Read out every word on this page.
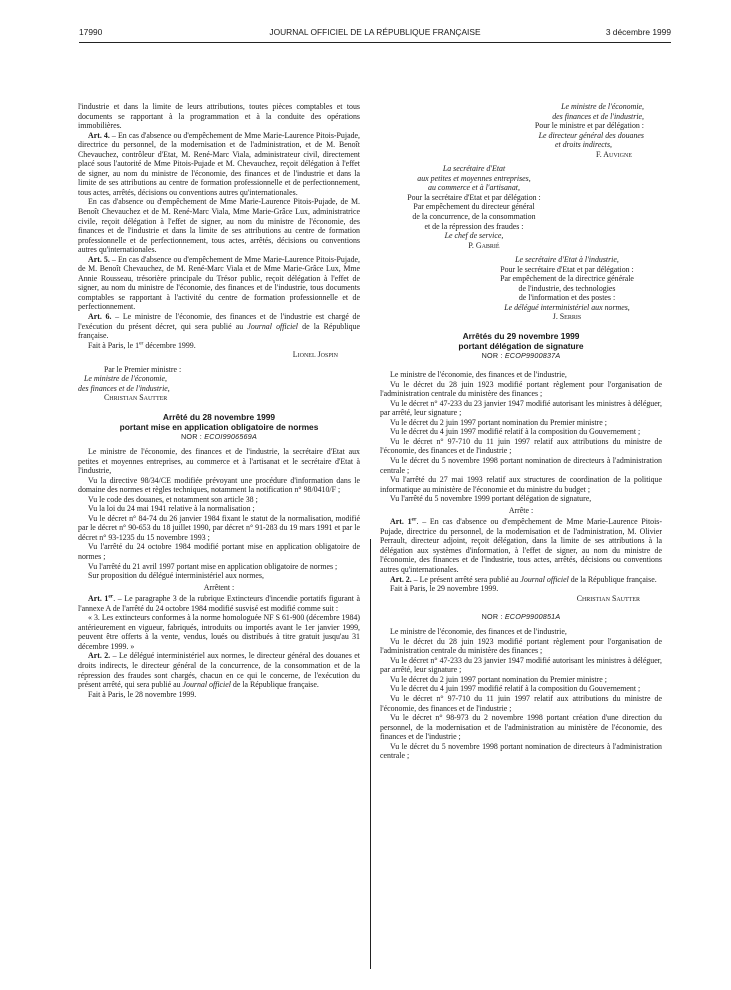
17990	JOURNAL OFFICIEL DE LA RÉPUBLIQUE FRANÇAISE	3 décembre 1999

l'industrie et dans la limite de leurs attributions, toutes pièces comptables et tous documents se rapportant à la programmation et à la conduite des opérations immobilières.

Art. 4. – En cas d'absence ou d'empêchement de Mme Marie-Laurence Pitois-Pujade, directrice du personnel, de la modernisation et de l'administration, et de M. Benoît Chevauchez, contrôleur d'Etat, M. René-Marc Viala, administrateur civil, directement placé sous l'autorité de Mme Pitois-Pujade et M. Chevauchez, reçoit délégation à l'effet de signer, au nom du ministre de l'économie, des finances et de l'industrie et dans la limite de ses attributions au centre de formation professionnelle et de perfectionnement, tous actes, arrêtés, décisions ou conventions autres qu'internationales.

En cas d'absence ou d'empêchement de Mme Marie-Laurence Pitois-Pujade, de M. Benoît Chevauchez et de M. René-Marc Viala, Mme Marie-Grâce Lux, administratrice civile, reçoit délégation à l'effet de signer, au nom du ministre de l'économie, des finances et de l'industrie et dans la limite de ses attributions au centre de formation professionnelle et de perfectionnement, tous actes, arrêtés, décisions ou conventions autres qu'internationales.

Art. 5. – En cas d'absence ou d'empêchement de Mme Marie-Laurence Pitois-Pujade, de M. Benoît Chevauchez, de M. René-Marc Viala et de Mme Marie-Grâce Lux, Mme Annie Rousseau, trésorière principale du Trésor public, reçoit délégation à l'effet de signer, au nom du ministre de l'économie, des finances et de l'industrie, tous documents comptables se rapportant à l'activité du centre de formation professionnelle et de perfectionnement.

Art. 6. – Le ministre de l'économie, des finances et de l'industrie est chargé de l'exécution du présent décret, qui sera publié au Journal officiel de la République française.

Fait à Paris, le 1er décembre 1999.

Lionel Jospin

Par le Premier ministre :

Le ministre de l'économie,

des finances et de l'industrie,

Christian Sautter

Arrêté du 28 novembre 1999

portant mise en application obligatoire de normes

NOR : ECOI9906569A

Le ministre de l'économie, des finances et de l'industrie, la secrétaire d'Etat aux petites et moyennes entreprises, au commerce et à l'artisanat et le secrétaire d'Etat à l'industrie,

Vu la directive 98/34/CE modifiée prévoyant une procédure d'information dans le domaine des normes et règles techniques, notamment la notification n° 98/0410/F ;

Vu le code des douanes, et notamment son article 38 ;

Vu la loi du 24 mai 1941 relative à la normalisation ;

Vu le décret n° 84-74 du 26 janvier 1984 fixant le statut de la normalisation, modifié par le décret n° 90-653 du 18 juillet 1990, par décret n° 91-283 du 19 mars 1991 et par le décret n° 93-1235 du 15 novembre 1993 ;

Vu l'arrêté du 24 octobre 1984 modifié portant mise en application obligatoire de normes ;

Vu l'arrêté du 21 avril 1997 portant mise en application obligatoire de normes ;

Sur proposition du délégué interministériel aux normes,

Arrêtent :

Art. 1er. – Le paragraphe 3 de la rubrique Extincteurs d'incendie portatifs figurant à l'annexe A de l'arrêté du 24 octobre 1984 modifié susvisé est modifié comme suit :

« 3. Les extincteurs conformes à la norme homologuée NF S 61-900 (décembre 1984) antérieurement en vigueur, fabriqués, introduits ou importés avant le 1er janvier 1999, peuvent être offerts à la vente, vendus, loués ou distribués à titre gratuit jusqu'au 31 décembre 1999. »

Art. 2. – Le délégué interministériel aux normes, le directeur général des douanes et droits indirects, le directeur général de la concurrence, de la consommation et de la répression des fraudes sont chargés, chacun en ce qui le concerne, de l'exécution du présent arrêté, qui sera publié au Journal officiel de la République française.

Fait à Paris, le 28 novembre 1999.

Le ministre de l'économie,

des finances et de l'industrie,

Pour le ministre et par délégation :

Le directeur général des douanes

et droits indirects,

F. Auvigne

La secrétaire d'Etat

aux petites et moyennes entreprises,

au commerce et à l'artisanat,

Pour la secrétaire d'Etat et par délégation :

Par empêchement du directeur général

de la concurrence, de la consommation

et de la répression des fraudes :

Le chef de service,

P. Gabrié

Le secrétaire d'Etat à l'industrie,

Pour le secrétaire d'Etat et par délégation :

Par empêchement de la directrice générale

de l'industrie, des technologies

de l'information et des postes :

Le délégué interministériel aux normes,

J. Serris

Arrêtés du 29 novembre 1999

portant délégation de signature

NOR : ECOP9900837A

Le ministre de l'économie, des finances et de l'industrie,

Vu le décret du 28 juin 1923 modifié portant règlement pour l'organisation de l'administration centrale du ministère des finances ;

Vu le décret n° 47-233 du 23 janvier 1947 modifié autorisant les ministres à déléguer, par arrêté, leur signature ;

Vu le décret du 2 juin 1997 portant nomination du Premier ministre ;

Vu le décret du 4 juin 1997 modifié relatif à la composition du Gouvernement ;

Vu le décret n° 97-710 du 11 juin 1997 relatif aux attributions du ministre de l'économie, des finances et de l'industrie ;

Vu le décret du 5 novembre 1998 portant nomination de directeurs à l'administration centrale ;

Vu l'arrêté du 27 mai 1993 relatif aux structures de coordination de la politique informatique au ministère de l'économie et du ministre du budget ;

Vu l'arrêté du 5 novembre 1999 portant délégation de signature,

Arrête :

Art. 1er. – En cas d'absence ou d'empêchement de Mme Marie-Laurence Pitois-Pujade, directrice du personnel, de la modernisation et de l'administration, M. Olivier Perrault, directeur adjoint, reçoit délégation, dans la limite de ses attributions à la délégation aux systèmes d'information, à l'effet de signer, au nom du ministre de l'économie, des finances et de l'industrie, tous actes, arrêtés, décisions ou conventions autres qu'internationales.

Art. 2. – Le présent arrêté sera publié au Journal officiel de la République française.

Fait à Paris, le 29 novembre 1999.

Christian Sautter

NOR : ECOP9900851A

Le ministre de l'économie, des finances et de l'industrie,

Vu le décret du 28 juin 1923 modifié portant règlement pour l'organisation de l'administration centrale du ministère des finances ;

Vu le décret n° 47-233 du 23 janvier 1947 modifié autorisant les ministres à déléguer, par arrêté, leur signature ;

Vu le décret du 2 juin 1997 portant nomination du Premier ministre ;

Vu le décret du 4 juin 1997 modifié relatif à la composition du Gouvernement ;

Vu le décret n° 97-710 du 11 juin 1997 relatif aux attributions du ministre de l'économie, des finances et de l'industrie ;

Vu le décret n° 98-973 du 2 novembre 1998 portant création d'une direction du personnel, de la modernisation et de l'administration au ministère de l'économie, des finances et de l'industrie ;

Vu le décret du 5 novembre 1998 portant nomination de directeurs à l'administration centrale ;
